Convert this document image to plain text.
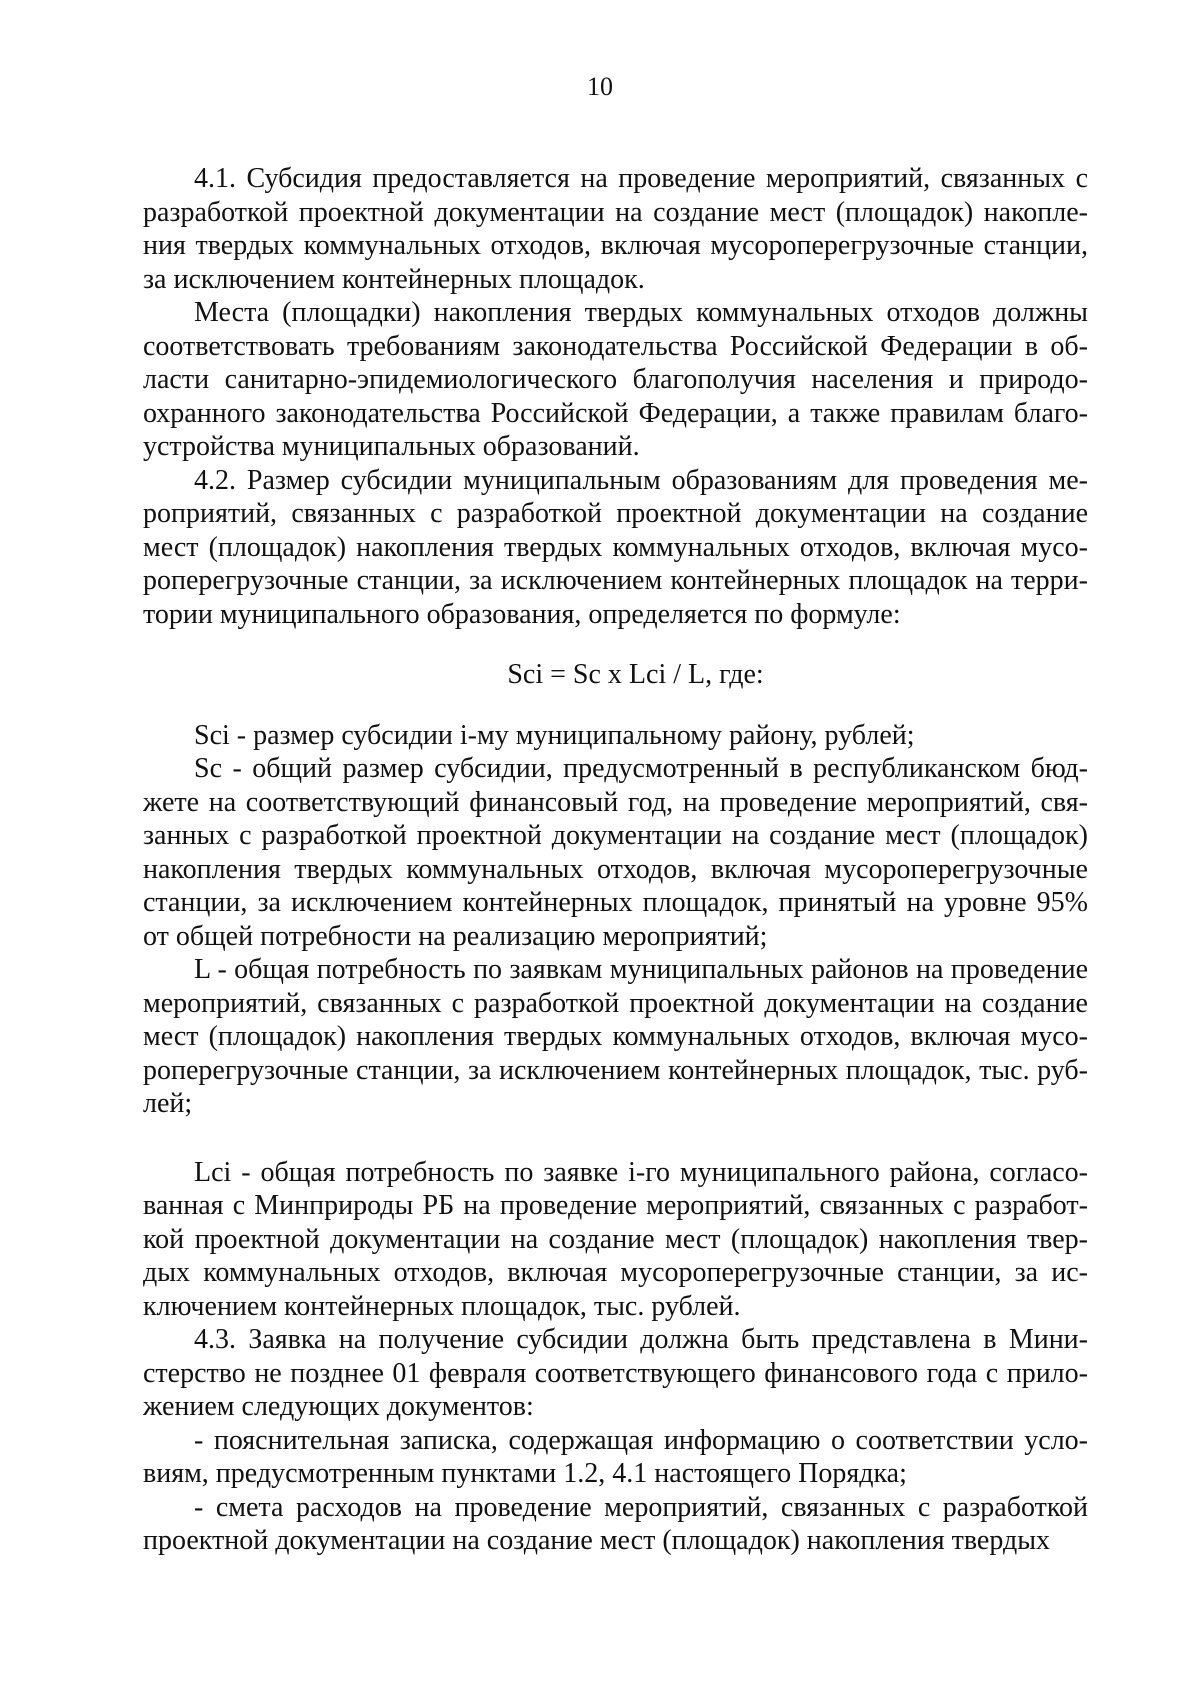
10

4.1. Субсидия предоставляется на проведение мероприятий, связанных с разработкой проектной документации на создание мест (площадок) накопления твердых коммунальных отходов, включая мусороперегрузочные станции, за исключением контейнерных площадок.

Места (площадки) накопления твердых коммунальных отходов должны соответствовать требованиям законодательства Российской Федерации в области санитарно-эпидемиологического благополучия населения и природоохранного законодательства Российской Федерации, а также правилам благоустройства муниципальных образований.

4.2. Размер субсидии муниципальным образованиям для проведения мероприятий, связанных с разработкой проектной документации на создание мест (площадок) накопления твердых коммунальных отходов, включая мусороперегрузочные станции, за исключением контейнерных площадок на территории муниципального образования, определяется по формуле:

Sci = Sc x Lci / L, где:

Sci - размер субсидии i-му муниципальному району, рублей;

Sc - общий размер субсидии, предусмотренный в республиканском бюджете на соответствующий финансовый год, на проведение мероприятий, связанных с разработкой проектной документации на создание мест (площадок) накопления твердых коммунальных отходов, включая мусороперегрузочные станции, за исключением контейнерных площадок, принятый на уровне 95% от общей потребности на реализацию мероприятий;

L - общая потребность по заявкам муниципальных районов на проведение мероприятий, связанных с разработкой проектной документации на создание мест (площадок) накопления твердых коммунальных отходов, включая мусороперегрузочные станции, за исключением контейнерных площадок, тыс. рублей;

Lci - общая потребность по заявке i-го муниципального района, согласованная с Минприроды РБ на проведение мероприятий, связанных с разработкой проектной документации на создание мест (площадок) накопления твердых коммунальных отходов, включая мусороперегрузочные станции, за исключением контейнерных площадок, тыс. рублей.

4.3. Заявка на получение субсидии должна быть представлена в Министерство не позднее 01 февраля соответствующего финансового года с приложением следующих документов:

- пояснительная записка, содержащая информацию о соответствии условиям, предусмотренным пунктами 1.2, 4.1 настоящего Порядка;

- смета расходов на проведение мероприятий, связанных с разработкой проектной документации на создание мест (площадок) накопления твердых
